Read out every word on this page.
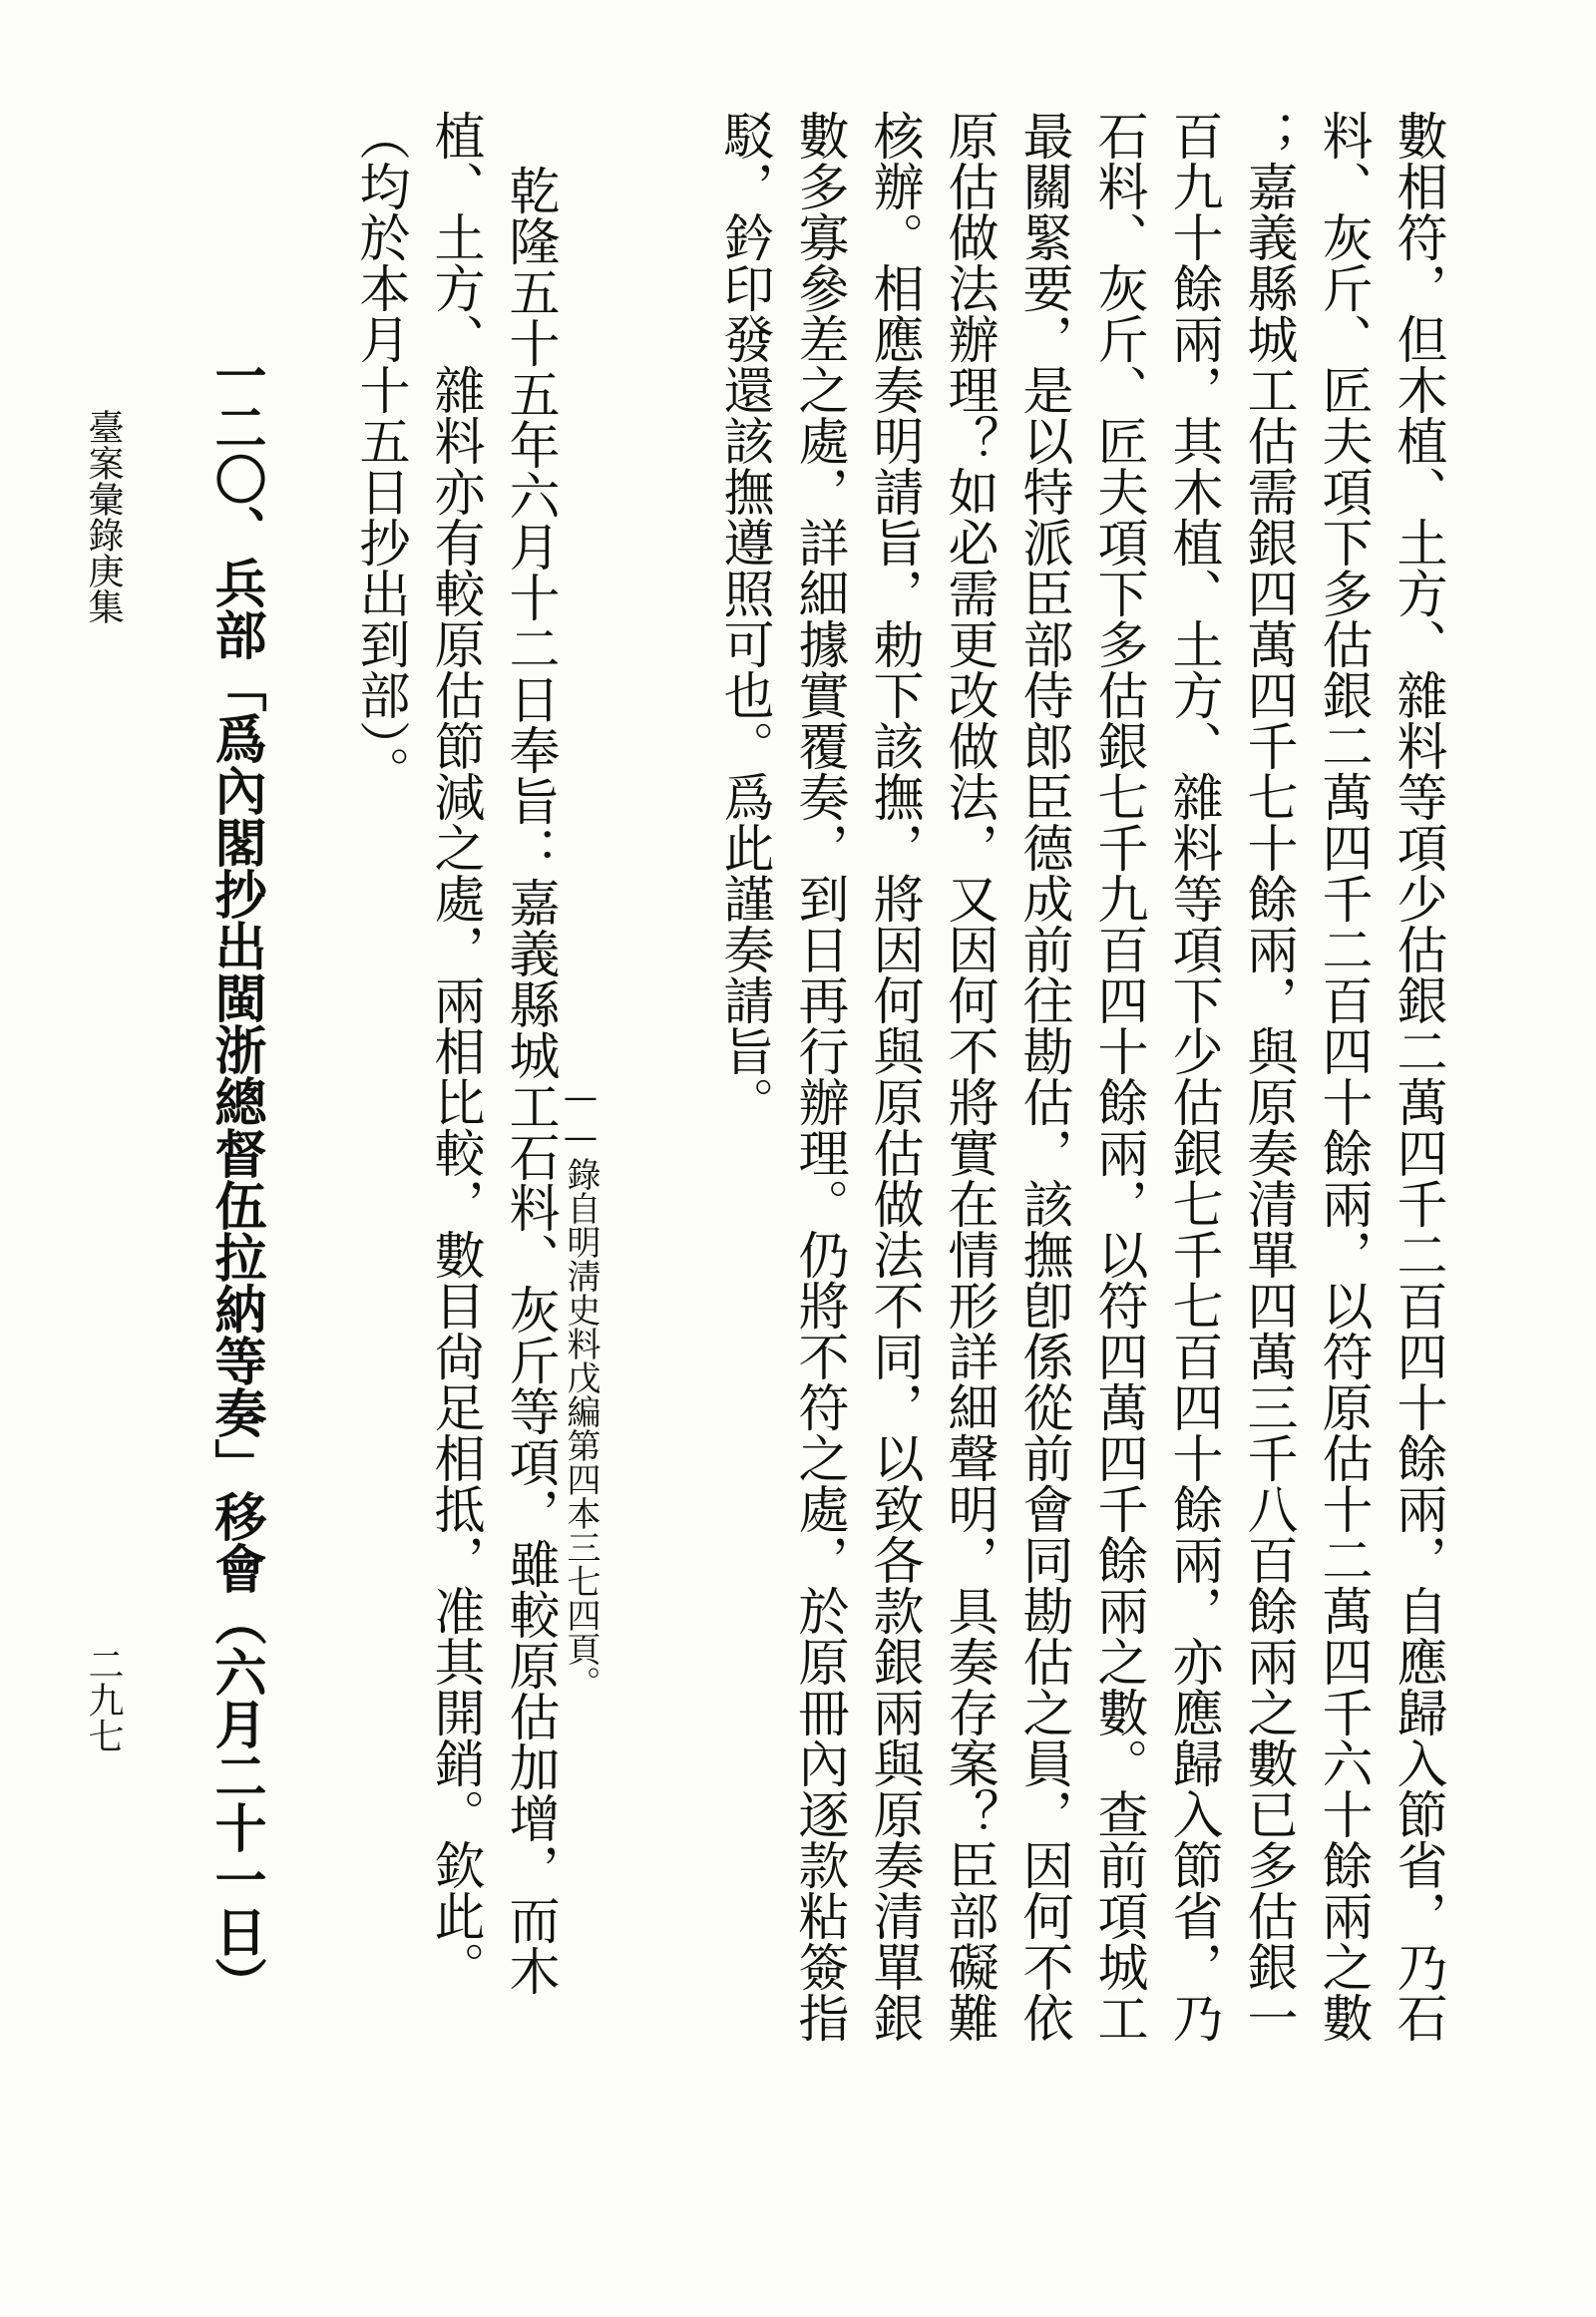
數相符，但木植、土方、雜料等項少估銀二萬四千二百四十餘兩，自應歸入節省，乃石
料、灰斤、匠夫項下多估銀二萬四千二百四十餘兩，以符原估十二萬四千六十餘兩之數
；嘉義縣城工估需銀四萬四千七十餘兩，與原奏清單四萬三千八百餘兩之數已多估銀一
百九十餘兩，其木植、土方、雜料等項下少估銀七千七百四十餘兩，亦應歸入節省，乃
石料、灰斤、匠夫項下多估銀七千九百四十餘兩，以符四萬四千餘兩之數。查前項城工
最關緊要，是以特派臣部侍郎臣德成前往勘估，該撫卽係從前會同勘估之員，因何不依
原估做法辦理？如必需更改做法，又因何不將實在情形詳細聲明，具奏存案？臣部礙難
核辦。相應奏明請旨，勅下該撫，將因何與原估做法不同，以致各款銀兩與原奏清單銀
數多寡參差之處，詳細據實覆奏，到日再行辦理。仍將不符之處，於原冊內逐款粘簽指
駁，鈐印發還該撫遵照可也。爲此謹奏請旨。
——錄自明淸史料戊編第四本三七四頁。
乾隆五十五年六月十二日奉旨：嘉義縣城工石料、灰斤等項，雖較原估加增，而木
植、土方、雜料亦有較原估節減之處，兩相比較，數目尙足相抵，准其開銷。欽此。
（均於本月十五日抄出到部）。
一二〇、兵部「爲內閣抄出閩浙總督伍拉納等奏」移會（六月二十一日）
臺案彙錄庚集
二九七
